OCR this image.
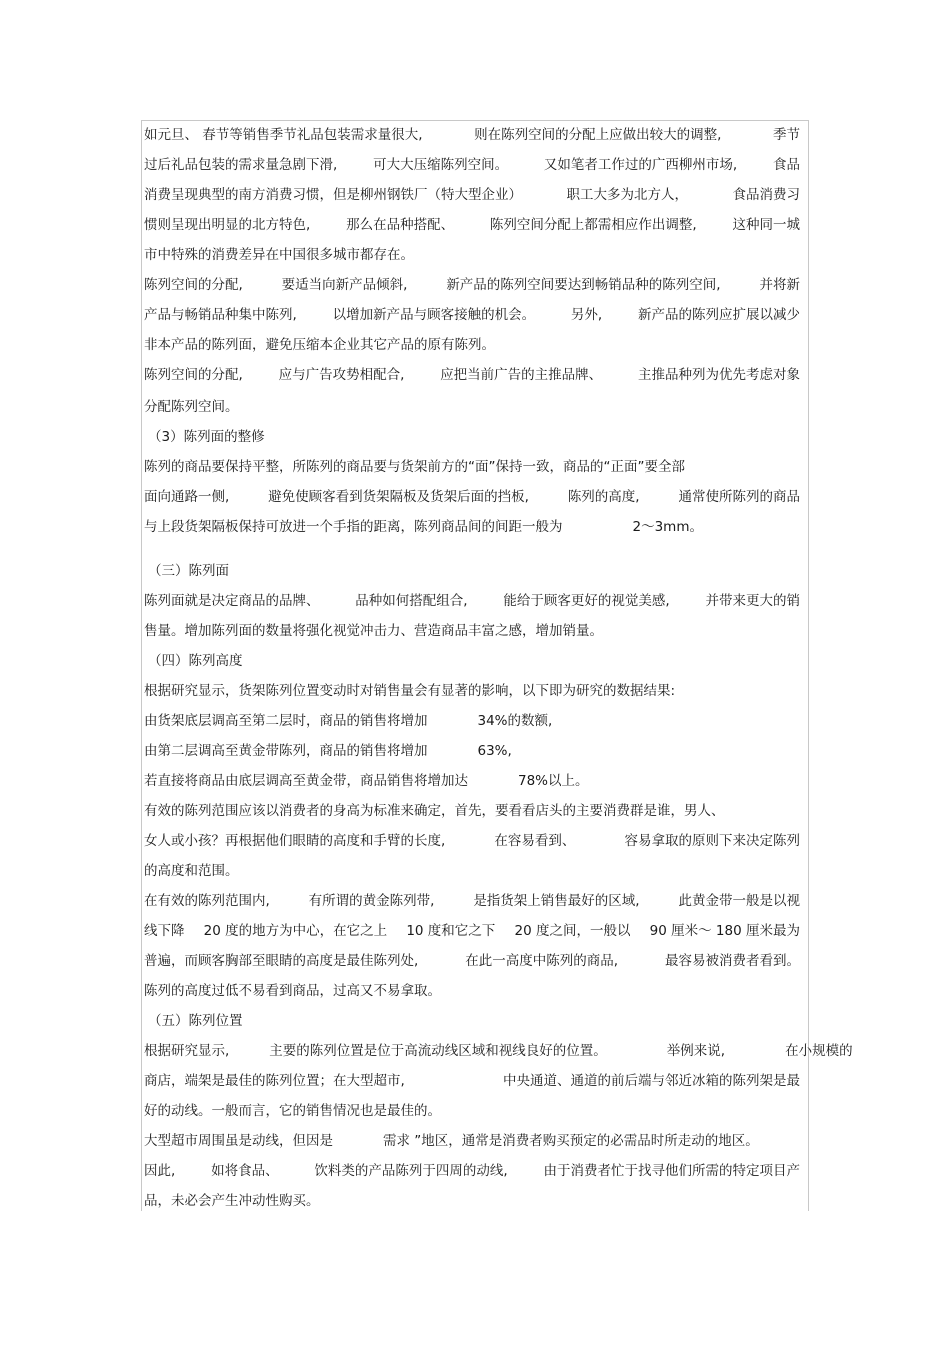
如元旦、 春节等销售季节礼品包装需求量很大,	则在陈列空间的分配上应做出较大的调整,	季节
过后礼品包装的需求量急剧下滑,	可大大压缩陈列空间。	又如笔者工作过的广西柳州市场,	食品
消费呈现典型的南方消费习惯，但是柳州钢铁厂（特大型企业）	职工大多为北方人，	食品消费习
惯则呈现出明显的北方特色,	那么在品种搭配、	陈列空间分配上都需相应作出调整,	这种同一城
市中特殊的消费差异在中国很多城市都存在。
陈列空间的分配,	要适当向新产品倾斜,	新产品的陈列空间要达到畅销品种的陈列空间,	并将新
产品与畅销品种集中陈列,	以增加新产品与顾客接触的机会。	另外,	新产品的陈列应扩展以减少
非本产品的陈列面，避免压缩本企业其它产品的原有陈列。
陈列空间的分配,	应与广告攻势相配合,	应把当前广告的主推品牌、	主推品种列为优先考虑对象
分配陈列空间。
（3）陈列面的整修
陈列的商品要保持平整，所陈列的商品要与货架前方的“面”保持一致，商品的“正面”要全部
面向通路一侧,	避免使顾客看到货架隔板及货架后面的挡板,	陈列的高度,	通常使所陈列的商品
与上段货架隔板保持可放进一个手指的距离，陈列商品间的间距一般为	2～3mm。
（三）陈列面
陈列面就是决定商品的品牌、	品种如何搭配组合,	能给于顾客更好的视觉美感,	并带来更大的销
售量。增加陈列面的数量将强化视觉冲击力、营造商品丰富之感，增加销量。
（四）陈列高度
根据研究显示，货架陈列位置变动时对销售量会有显著的影响，以下即为研究的数据结果:
由货架底层调高至第二层时，商品的销售将增加	34%的数额,
由第二层调高至黄金带陈列，商品的销售将增加	63%,
若直接将商品由底层调高至黄金带，商品销售将增加达	78%以上。
有效的陈列范围应该以消费者的身高为标准来确定，首先，要看看店头的主要消费群是谁，男人、
女人或小孩？再根据他们眼睛的高度和手臂的长度,	在容易看到、	容易拿取的原则下来决定陈列
的高度和范围。
在有效的陈列范围内,	有所谓的黄金陈列带,	是指货架上销售最好的区域,	此黄金带一般是以视
线下降 20 度的地方为中心，在它之上 10 度和它之下 20 度之间，一般以 90 厘米～ 180 厘米最为
普遍，而顾客胸部至眼睛的高度是最佳陈列处,	在此一高度中陈列的商品,	最容易被消费者看到。
陈列的高度过低不易看到商品，过高又不易拿取。
（五）陈列位置
根据研究显示,	主要的陈列位置是位于高流动线区域和视线良好的位置。	举例来说,	在小规模的
商店，端架是最佳的陈列位置；在大型超市,	中央通道、通道的前后端与邻近冰箱的陈列架是最
好的动线。一般而言，它的销售情况也是最佳的。
大型超市周围虽是动线，但因是	需求 ”地区，通常是消费者购买预定的必需品时所走动的地区。
因此,	如将食品、	饮料类的产品陈列于四周的动线,	由于消费者忙于找寻他们所需的特定项目产
品，未必会产生冲动性购买。
